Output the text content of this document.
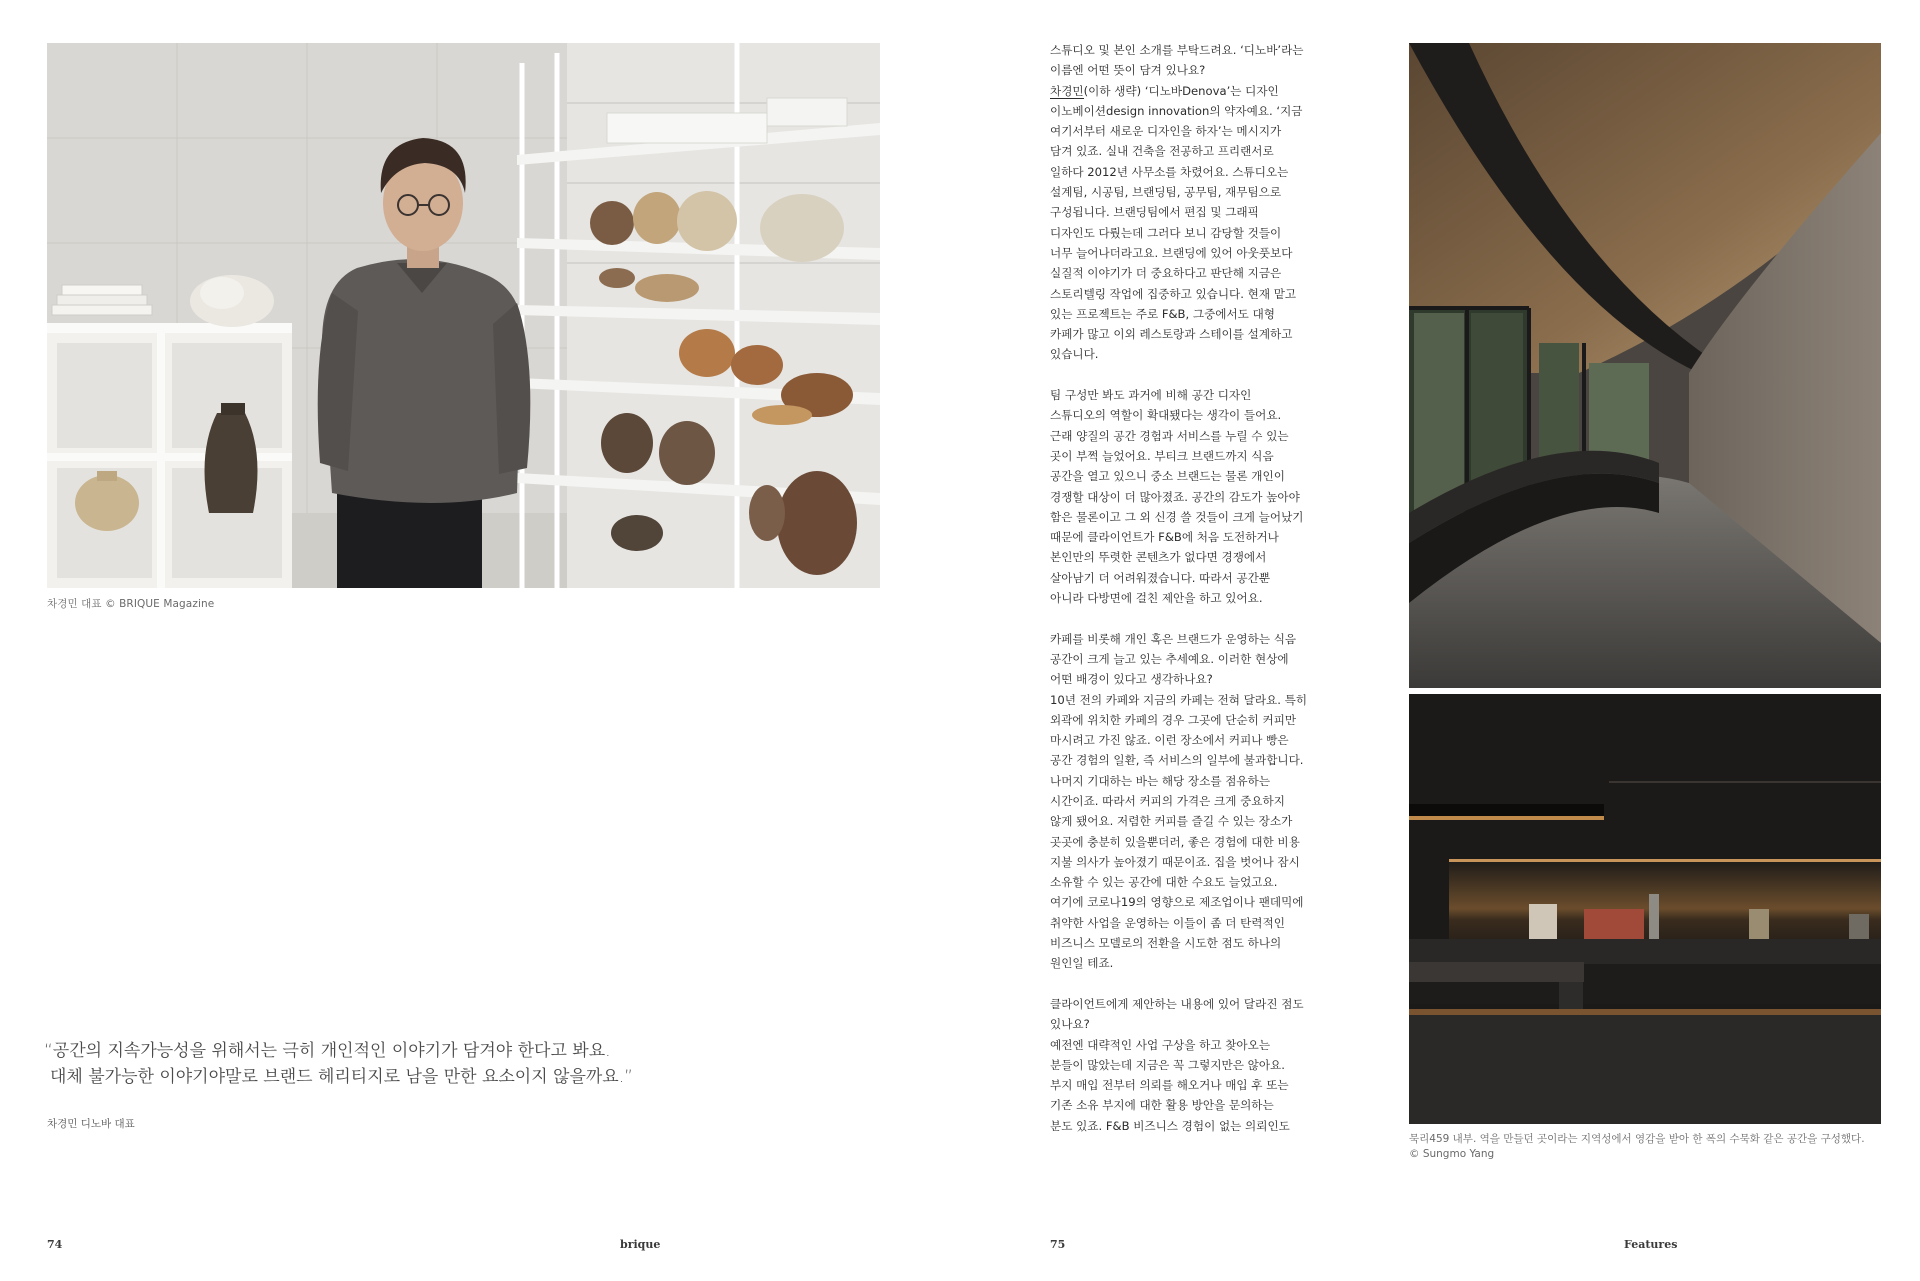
차경민 대표 © BRIQUE Magazine

“공간의 지속가능성을 위해서는 극히 개인적인 이야기가 담겨야 한다고 봐요.

대체 불가능한 이야기야말로 브랜드 헤리티지로 남을 만한 요소이지 않을까요.”

차경민 디노바 대표
74	brique

스튜디오 및 본인 소개를 부탁드려요. ‘디노바’라는

이름엔 어떤 뜻이 담겨 있나요?

차경민(이하 생략) ‘디노바Denova’는 디자인

이노베이션design innovation의 약자예요. ‘지금

여기서부터 새로운 디자인을 하자’는 메시지가

담겨 있죠. 실내 건축을 전공하고 프리랜서로

일하다 2012년 사무소를 차렸어요. 스튜디오는

설계팀, 시공팀, 브랜딩팀, 공무팀, 재무팀으로

구성됩니다. 브랜딩팀에서 편집 및 그래픽

디자인도 다뤘는데 그러다 보니 감당할 것들이

너무 늘어나더라고요. 브랜딩에 있어 아웃풋보다

실질적 이야기가 더 중요하다고 판단해 지금은

스토리텔링 작업에 집중하고 있습니다. 현재 맡고

있는 프로젝트는 주로 F&B, 그중에서도 대형

카페가 많고 이외 레스토랑과 스테이를 설계하고

있습니다.

팀 구성만 봐도 과거에 비해 공간 디자인

스튜디오의 역할이 확대됐다는 생각이 들어요.

근래 양질의 공간 경험과 서비스를 누릴 수 있는

곳이 부쩍 늘었어요. 부티크 브랜드까지 식음

공간을 열고 있으니 중소 브랜드는 물론 개인이

경쟁할 대상이 더 많아졌죠. 공간의 감도가 높아야

함은 물론이고 그 외 신경 쓸 것들이 크게 늘어났기

때문에 클라이언트가 F&B에 처음 도전하거나

본인만의 뚜렷한 콘텐츠가 없다면 경쟁에서

살아남기 더 어려워졌습니다. 따라서 공간뿐

아니라 다방면에 걸친 제안을 하고 있어요.

카페를 비롯해 개인 혹은 브랜드가 운영하는 식음

공간이 크게 늘고 있는 추세예요. 이러한 현상에

어떤 배경이 있다고 생각하나요?

10년 전의 카페와 지금의 카페는 전혀 달라요. 특히

외곽에 위치한 카페의 경우 그곳에 단순히 커피만

마시려고 가진 않죠. 이런 장소에서 커피나 빵은

공간 경험의 일환, 즉 서비스의 일부에 불과합니다.

나머지 기대하는 바는 해당 장소를 점유하는

시간이죠. 따라서 커피의 가격은 크게 중요하지

않게 됐어요. 저렴한 커피를 즐길 수 있는 장소가

곳곳에 충분히 있을뿐더러, 좋은 경험에 대한 비용

지불 의사가 높아졌기 때문이죠. 집을 벗어나 잠시

소유할 수 있는 공간에 대한 수요도 늘었고요.

여기에 코로나19의 영향으로 제조업이나 팬데믹에

취약한 사업을 운영하는 이들이 좀 더 탄력적인

비즈니스 모델로의 전환을 시도한 점도 하나의

원인일 테죠.

클라이언트에게 제안하는 내용에 있어 달라진 점도

있나요?

예전엔 대략적인 사업 구상을 하고 찾아오는

분들이 많았는데 지금은 꼭 그렇지만은 않아요.

부지 매입 전부터 의뢰를 해오거나 매입 후 또는

기존 소유 부지에 대한 활용 방안을 문의하는

분도 있죠. F&B 비즈니스 경험이 없는 의뢰인도

묵리459 내부. 역을 만들던 곳이라는 지역성에서 영감을 받아 한 폭의 수묵화 같은 공간을 구성했다.

© Sungmo Yang

75	Features
